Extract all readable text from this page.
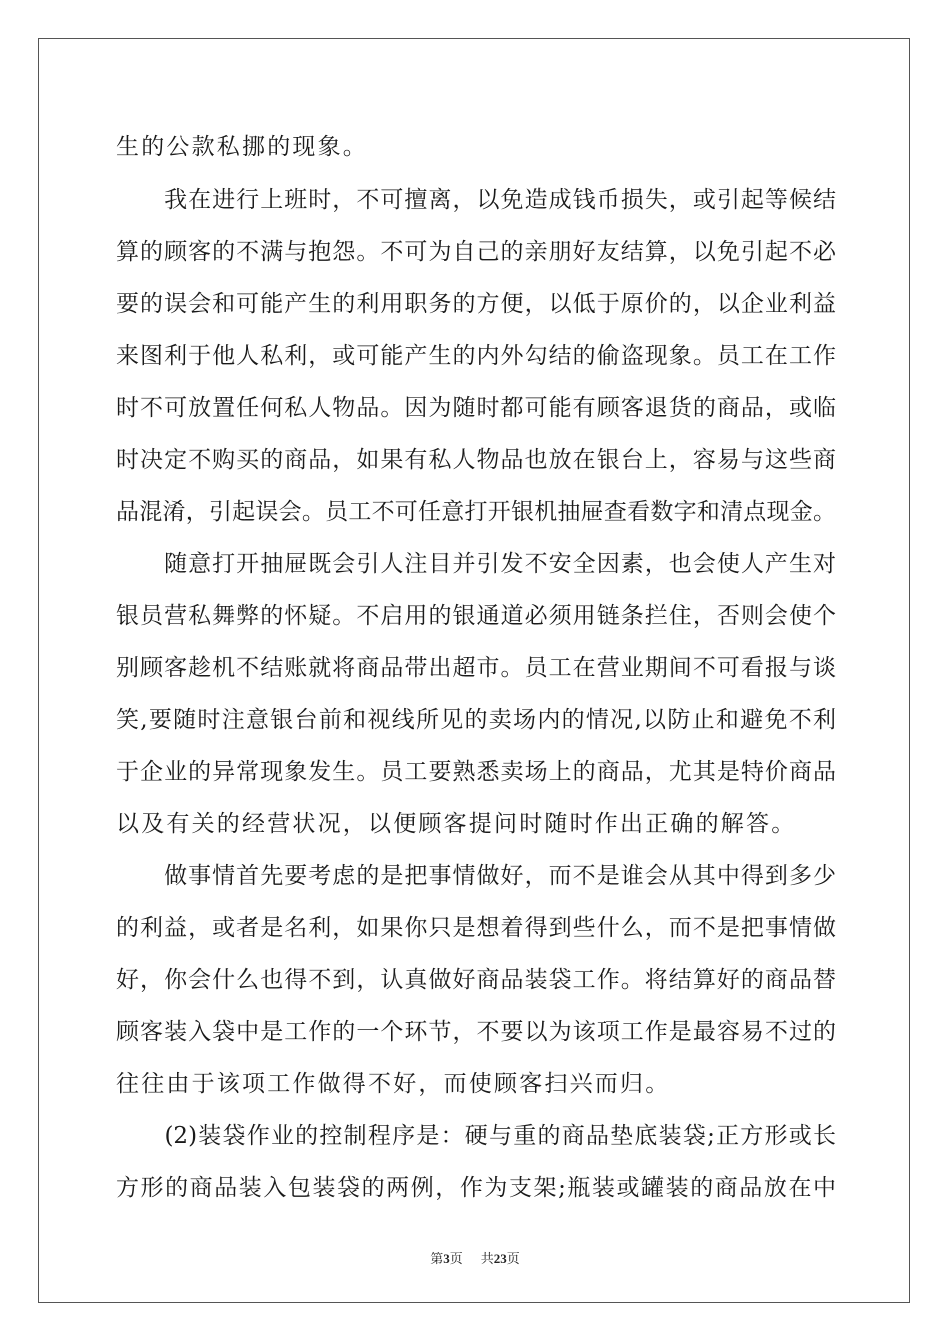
生的公款私挪的现象。
　　我在进行上班时，不可擅离，以免造成钱币损失，或引起等候结
算的顾客的不满与抱怨。不可为自己的亲朋好友结算，以免引起不必
要的误会和可能产生的利用职务的方便，以低于原价的，以企业利益
来图利于他人私利，或可能产生的内外勾结的偷盗现象。员工在工作
时不可放置任何私人物品。因为随时都可能有顾客退货的商品，或临
时决定不购买的商品，如果有私人物品也放在银台上，容易与这些商
品混淆，引起误会。员工不可任意打开银机抽屉查看数字和清点现金。
　　随意打开抽屉既会引人注目并引发不安全因素，也会使人产生对
银员营私舞弊的怀疑。不启用的银通道必须用链条拦住，否则会使个
别顾客趁机不结账就将商品带出超市。员工在营业期间不可看报与谈
笑,要随时注意银台前和视线所见的卖场内的情况,以防止和避免不利
于企业的异常现象发生。员工要熟悉卖场上的商品，尤其是特价商品
以及有关的经营状况，以便顾客提问时随时作出正确的解答。
　　做事情首先要考虑的是把事情做好，而不是谁会从其中得到多少
的利益，或者是名利，如果你只是想着得到些什么，而不是把事情做
好，你会什么也得不到，认真做好商品装袋工作。将结算好的商品替
顾客装入袋中是工作的一个环节，不要以为该项工作是最容易不过的
往往由于该项工作做得不好，而使顾客扫兴而归。
　　(2)装袋作业的控制程序是：硬与重的商品垫底装袋;正方形或长
方形的商品装入包装袋的两例，作为支架;瓶装或罐装的商品放在中
第3页 共23页
